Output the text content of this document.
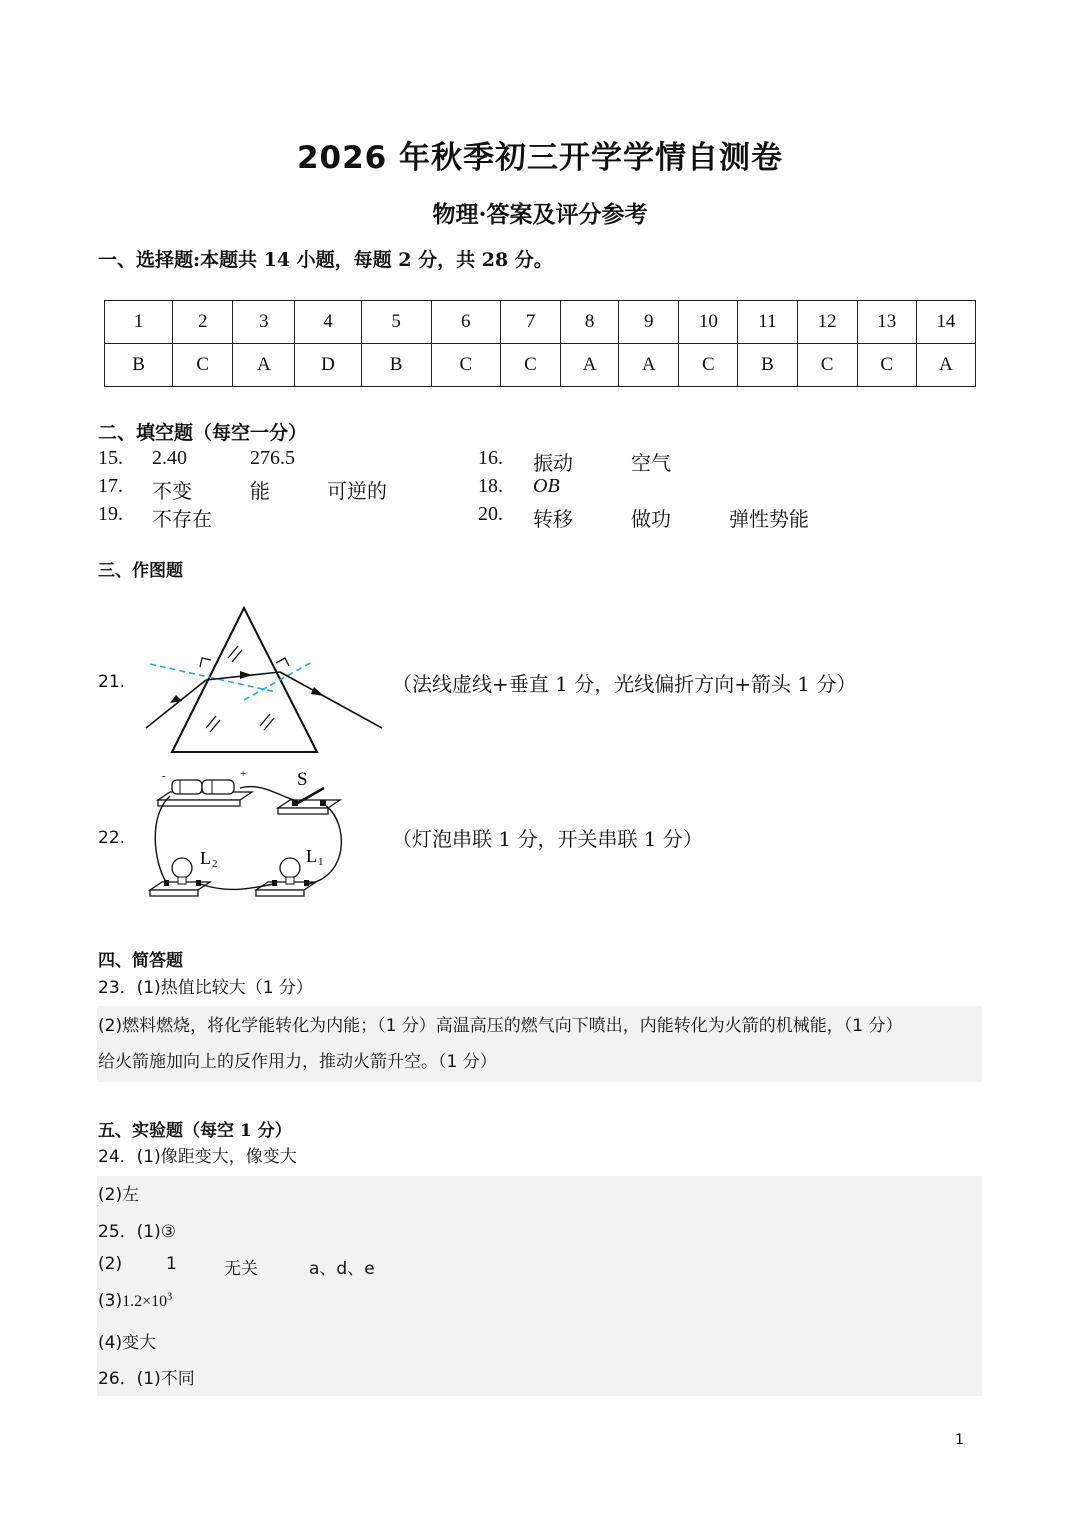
2026 年秋季初三开学学情自测卷
物理·答案及评分参考
一、选择题:本题共 14 小题，每题 2 分，共 28 分。
1	2	3	4	5	6	7	8	9	10	11	12	13	14
B	C	A	D	B	C	C	A	A	C	B	C	C	A
二、填空题（每空一分）
15. 2.40	276.5	16. 振动	空气
17. 不变	能	可逆的	18. OB
19. 不存在	20. 转移	做功	弹性势能
三、作图题
21.	（法线虚线+垂直 1 分，光线偏折方向+箭头 1 分）
22.
-	+	S
L 2	L 1
（灯泡串联 1 分，开关串联 1 分）
四、简答题
23．(1)热值比较大（1 分）
(2)燃料燃烧，将化学能转化为内能；（1 分）高温高压的燃气向下喷出，内能转化为火箭的机械能，（1 分）
给火箭施加向上的反作用力，推动火箭升空。（1 分）
五、实验题（每空 1 分）
24．(1)像距变大，像变大
(2)左
25．(1)③
(2)	1	无关	a、d、e
$(3)1.2\times 10^3$
(4)变大
26．(1)不同
1
